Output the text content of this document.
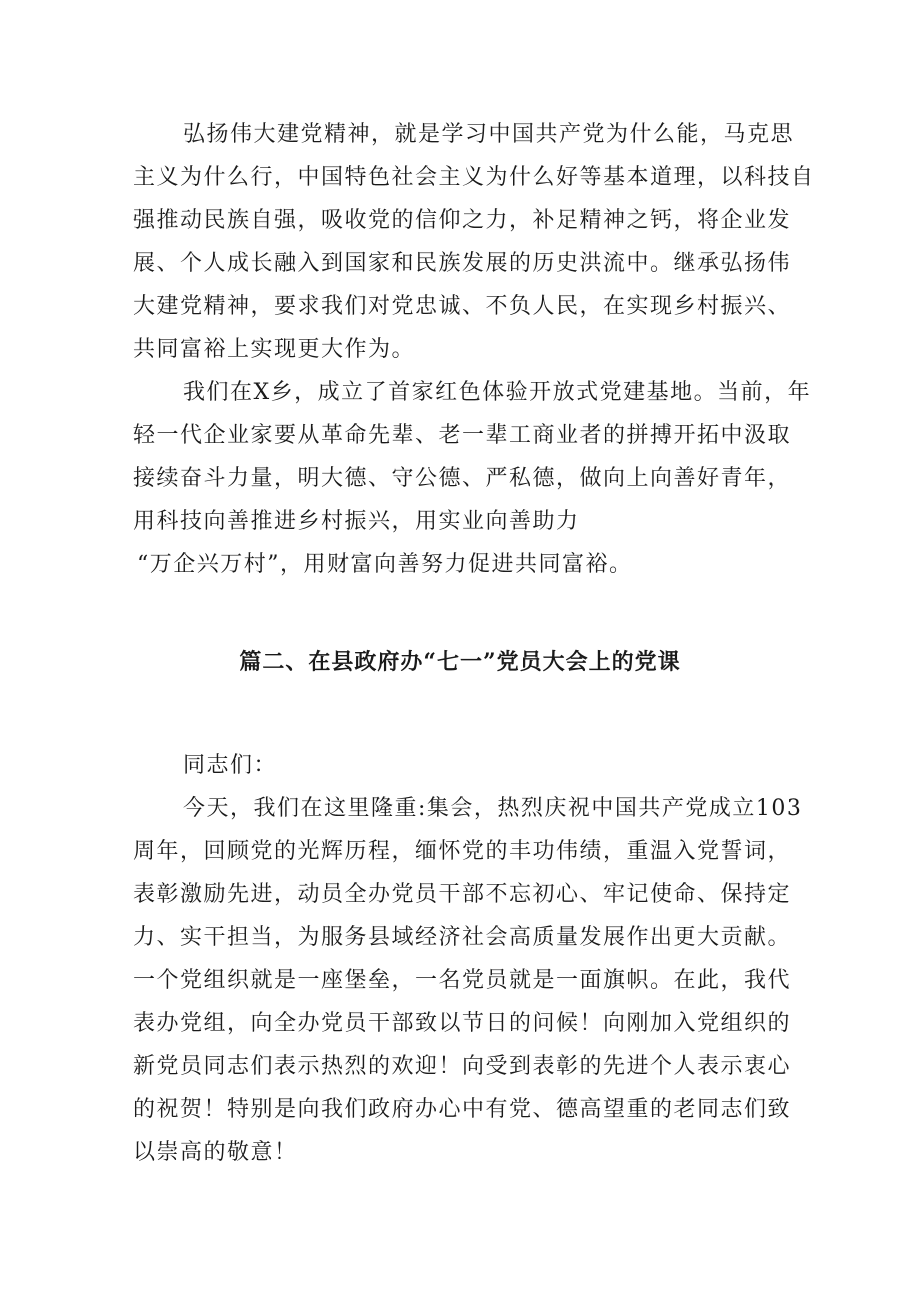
弘扬伟大建党精神，就是学习中国共产党为什么能，马克思
主义为什么行，中国特色社会主义为什么好等基本道理，以科技自
强推动民族自强，吸收党的信仰之力，补足精神之钙，将企业发
展、个人成长融入到国家和民族发展的历史洪流中。继承弘扬伟
大建党精神，要求我们对党忠诚、不负人民，在实现乡村振兴、
共同富裕上实现更大作为。
我们在X乡，成立了首家红色体验开放式党建基地。当前，年
轻一代企业家要从革命先辈、老一辈工商业者的拼搏开拓中汲取
接续奋斗力量，明大德、守公德、严私德，做向上向善好青年，
用科技向善推进乡村振兴，用实业向善助力
“万企兴万村”，用财富向善努力促进共同富裕。
篇二、在县政府办“七一”党员大会上的党课
同志们：
今天，我们在这里隆重:集会，热烈庆祝中国共产党成立103
周年，回顾党的光辉历程，缅怀党的丰功伟绩，重温入党誓词，
表彰激励先进，动员全办党员干部不忘初心、牢记使命、保持定
力、实干担当，为服务县域经济社会高质量发展作出更大贡献。
一个党组织就是一座堡垒，一名党员就是一面旗帜。在此，我代
表办党组，向全办党员干部致以节日的问候！向刚加入党组织的
新党员同志们表示热烈的欢迎！向受到表彰的先进个人表示衷心
的祝贺！特别是向我们政府办心中有党、德高望重的老同志们致
以崇高的敬意！
